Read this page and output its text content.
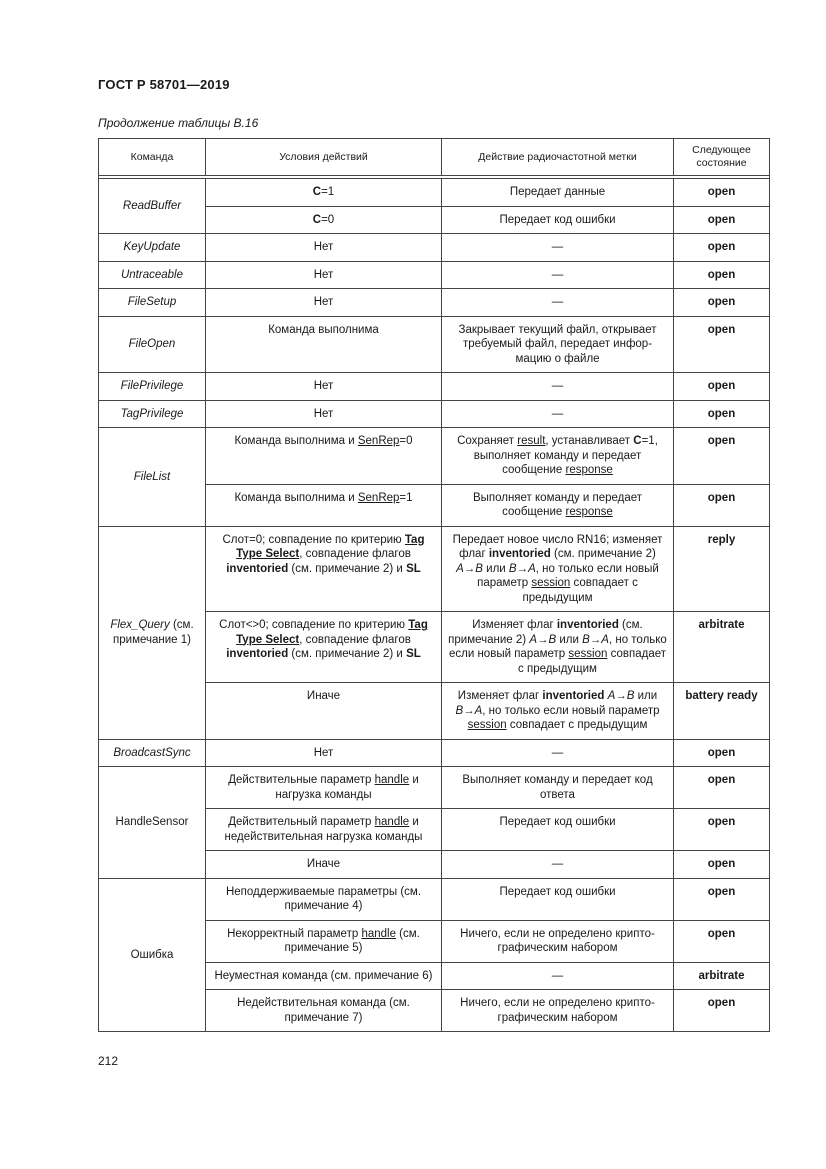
ГОСТ Р 58701—2019
Продолжение таблицы В.16
Команда	Условия действий	Действие радиочастотной метки	Следующее состояние

ReadBuffer	C=1	Передает данные	open
	C=0	Передает код ошибки	open
KeyUpdate	Нет	—	open
Untraceable	Нет	—	open
FileSetup	Нет	—	open
FileOpen	Команда выполнима	Закрывает текущий файл, открывает требуемый файл, передает инфор-мацию о файле	open
FilePrivilege	Нет	—	open
TagPrivilege	Нет	—	open
FileList	Команда выполнима и SenRep=0	Сохраняет result, устанавливает C=1, выполняет команду и передает сообщение response	open
	Команда выполнима и SenRep=1	Выполняет команду и передает сообщение response	open
Flex_Query (см. примечание 1)	Слот=0; совпадение по критерию Tag Type Select, совпадение флагов inventoried (см. примечание 2) и SL	Передает новое число RN16; изменяет флаг inventoried (см. примечание 2) A→B или B→A, но только если новый параметр session совпадает с предыдущим	reply
	Слот<>0; совпадение по критерию Tag Type Select, совпадение флагов inventoried (см. примечание 2) и SL	Изменяет флаг inventoried (см. примечание 2) A→B или B→A, но только если новый параметр session совпадает с предыдущим	arbitrate
	Иначе	Изменяет флаг inventoried A→B или B→A, но только если новый параметр session совпадает с предыдущим	battery ready
BroadcastSync	Нет	—	open
HandleSensor	Действительные параметр handle и нагрузка команды	Выполняет команду и передает код ответа	open
	Действительный параметр handle и недействительная нагрузка команды	Передает код ошибки	open
	Иначе	—	open
Ошибка	Неподдерживаемые параметры (см. примечание 4)	Передает код ошибки	open
	Некорректный параметр handle (см. примечание 5)	Ничего, если не определено крипто-графическим набором	open
	Неуместная команда (см. примечание 6)	—	arbitrate
	Недействительная команда (см. примечание 7)	Ничего, если не определено крипто-графическим набором	open
212
